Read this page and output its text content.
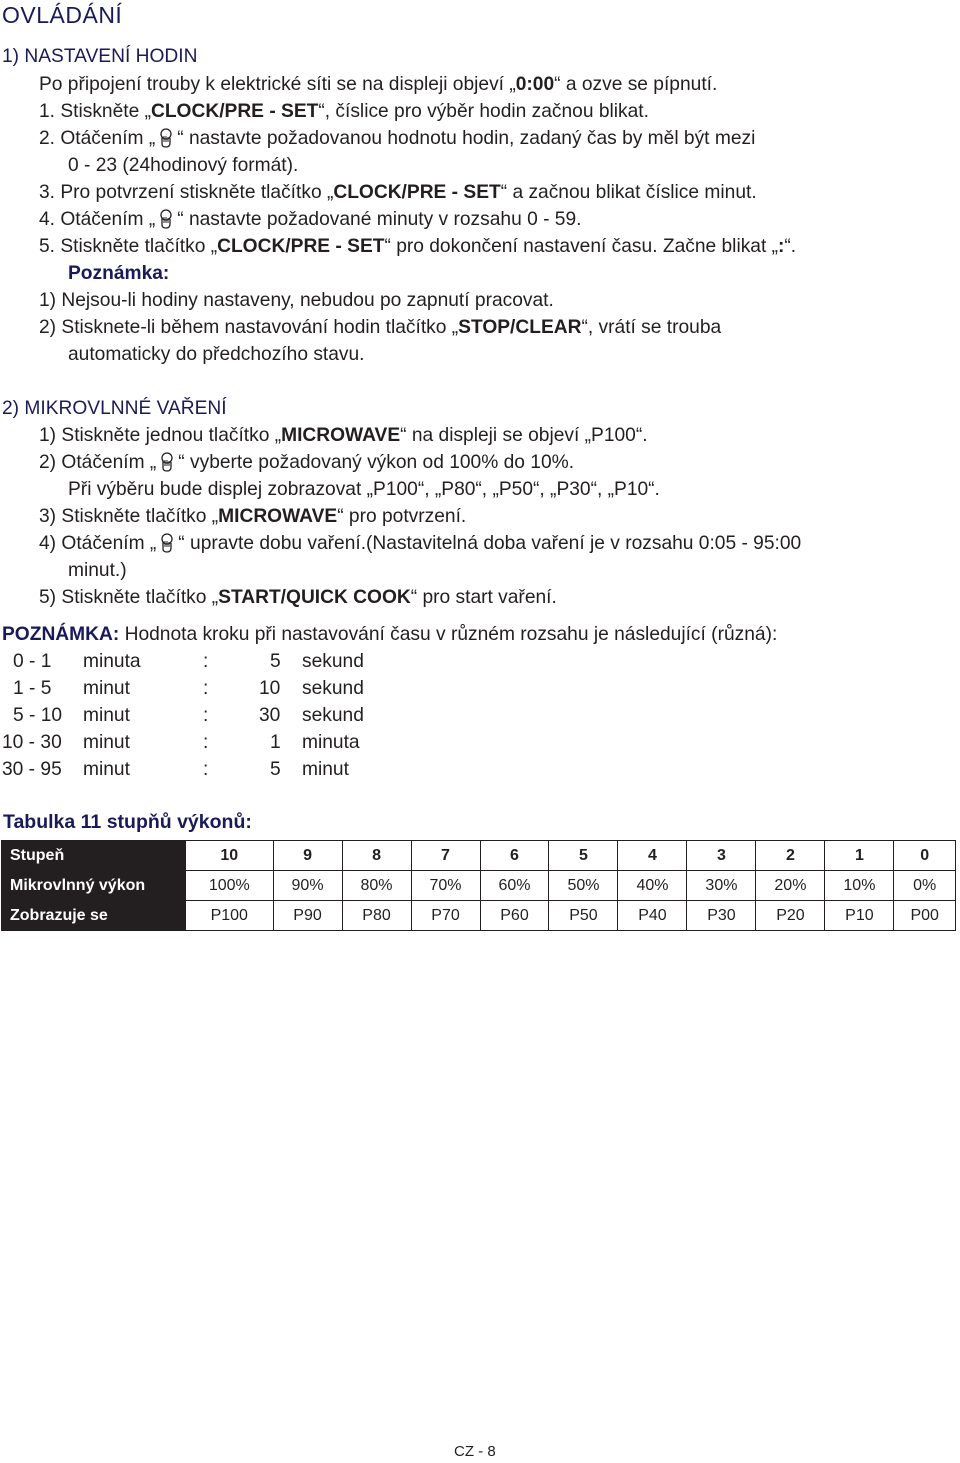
OVLÁDÁNÍ
1) NASTAVENÍ HODIN
Po připojení trouby k elektrické síti se na displeji objeví „0:00“ a ozve se pípnutí.
1. Stiskněte „CLOCK/PRE - SET“, číslice pro výběr hodin začnou blikat.
2. Otáčením „ “ nastavte požadovanou hodnotu hodin, zadaný čas by měl být mezi
0 - 23 (24hodinový formát).
3. Pro potvrzení stiskněte tlačítko „CLOCK/PRE - SET“ a začnou blikat číslice minut.
4. Otáčením „ “ nastavte požadované minuty v rozsahu 0 - 59.
5. Stiskněte tlačítko „CLOCK/PRE - SET“ pro dokončení nastavení času. Začne blikat „:“.
Poznámka:
1) Nejsou-li hodiny nastaveny, nebudou po zapnutí pracovat.
2) Stisknete-li během nastavování hodin tlačítko „STOP/CLEAR“, vrátí se trouba
automaticky do předchozího stavu.
2) MIKROVLNNÉ VAŘENÍ
1) Stiskněte jednou tlačítko „MICROWAVE“ na displeji se objeví „P100“.
2) Otáčením „ “ vyberte požadovaný výkon od 100% do 10%.
Při výběru bude displej zobrazovat „P100“, „P80“, „P50“, „P30“, „P10“.
3) Stiskněte tlačítko „MICROWAVE“ pro potvrzení.
4) Otáčením „ “ upravte dobu vaření.(Nastavitelná doba vaření je v rozsahu 0:05 - 95:00
minut.)
5) Stiskněte tlačítko „START/QUICK COOK“ pro start vaření.
POZNÁMKA: Hodnota kroku při nastavování času v různém rozsahu je následující (různá):
0 - 1 minuta	:	5 sekund
1 - 5 minut	:	10 sekund
5 - 10 minut	:	30 sekund
10 - 30 minut	:	1 minuta
30 - 95 minut	:	5 minut
Tabulka 11 stupňů výkonů:
Stupeň	10	9	8	7	6	5	4	3	2	1	0
Mikrovlnný výkon	100%	90%	80%	70%	60%	50%	40%	30%	20%	10%	0%
Zobrazuje se	P100	P90	P80	P70	P60	P50	P40	P30	P20	P10	P00
CZ - 8
